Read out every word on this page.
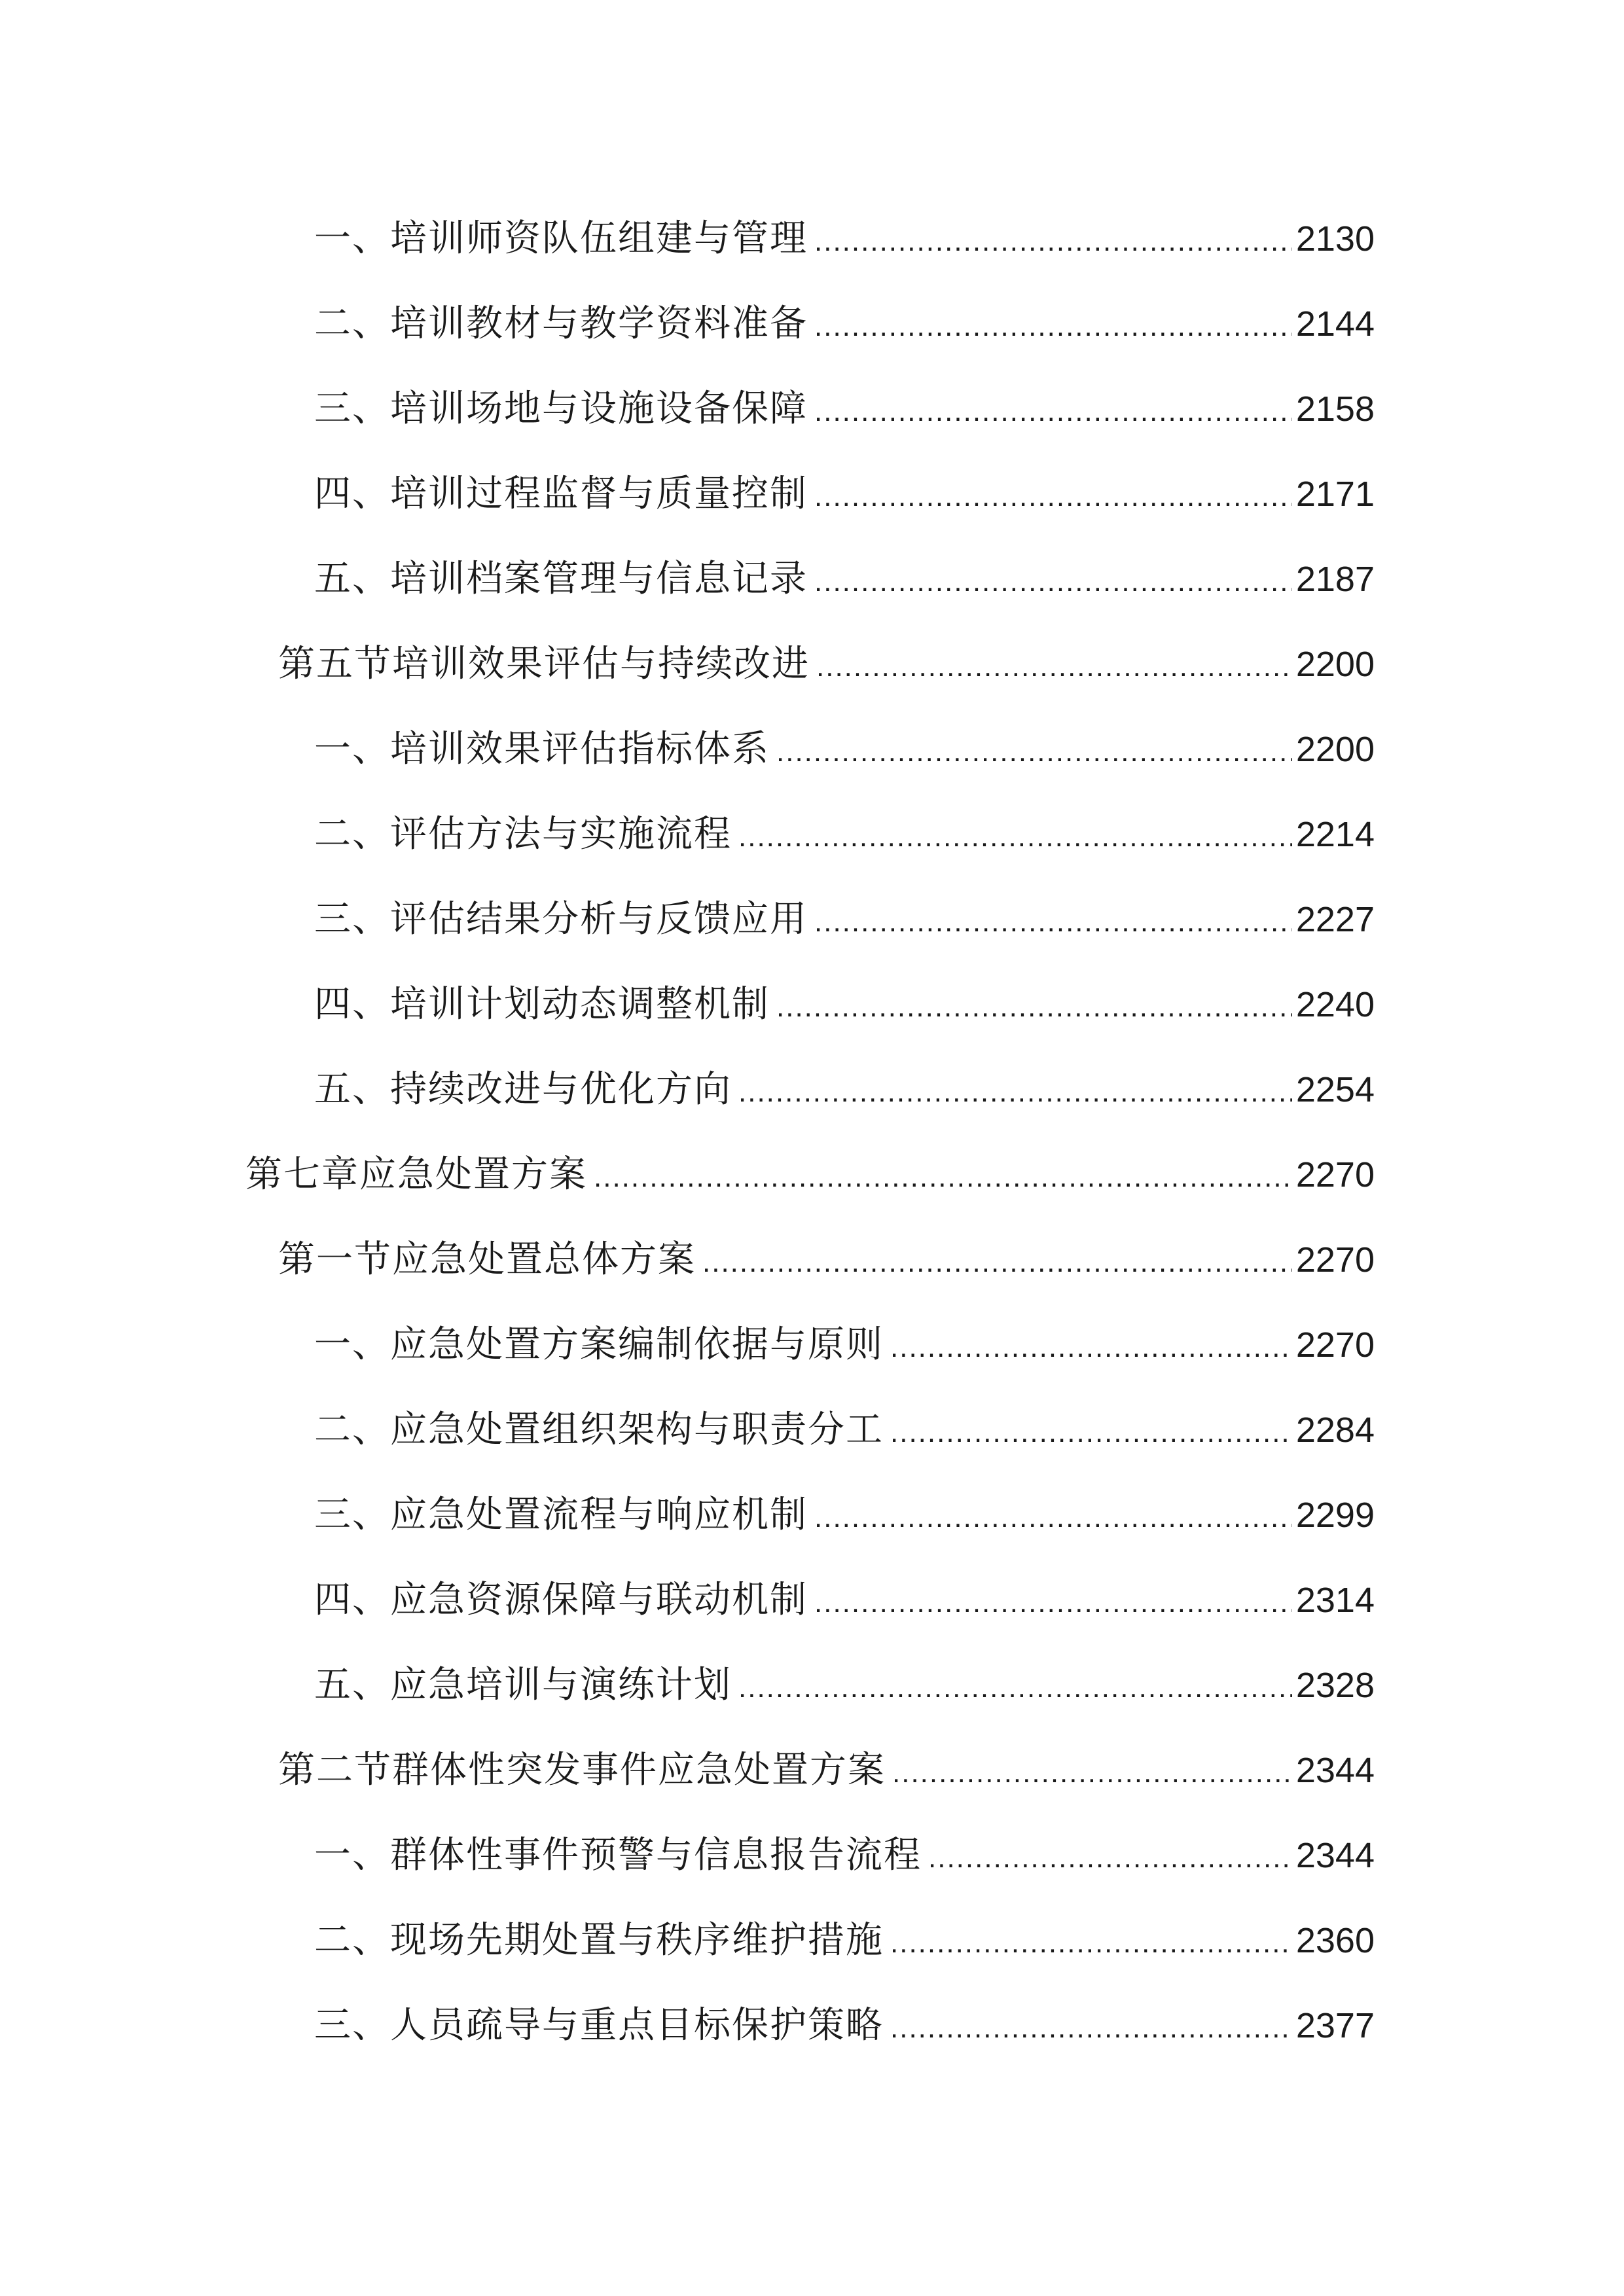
一、培训师资队伍组建与管理 .....	2130
二、培训教材与教学资料准备 .....	2144
三、培训场地与设施设备保障 .....	2158
四、培训过程监督与质量控制 .....	2171
五、培训档案管理与信息记录 .....	2187
第五节培训效果评估与持续改进 .....	2200
一、培训效果评估指标体系 .....	2200
二、评估方法与实施流程 .....	2214
三、评估结果分析与反馈应用 .....	2227
四、培训计划动态调整机制 .....	2240
五、持续改进与优化方向 .....	2254
第七章应急处置方案 .....	2270
第一节应急处置总体方案 .....	2270
一、应急处置方案编制依据与原则 .....	2270
二、应急处置组织架构与职责分工 .....	2284
三、应急处置流程与响应机制 .....	2299
四、应急资源保障与联动机制 .....	2314
五、应急培训与演练计划 .....	2328
第二节群体性突发事件应急处置方案 .....	2344
一、群体性事件预警与信息报告流程 .....	2344
二、现场先期处置与秩序维护措施 .....	2360
三、人员疏导与重点目标保护策略 .....	2377
